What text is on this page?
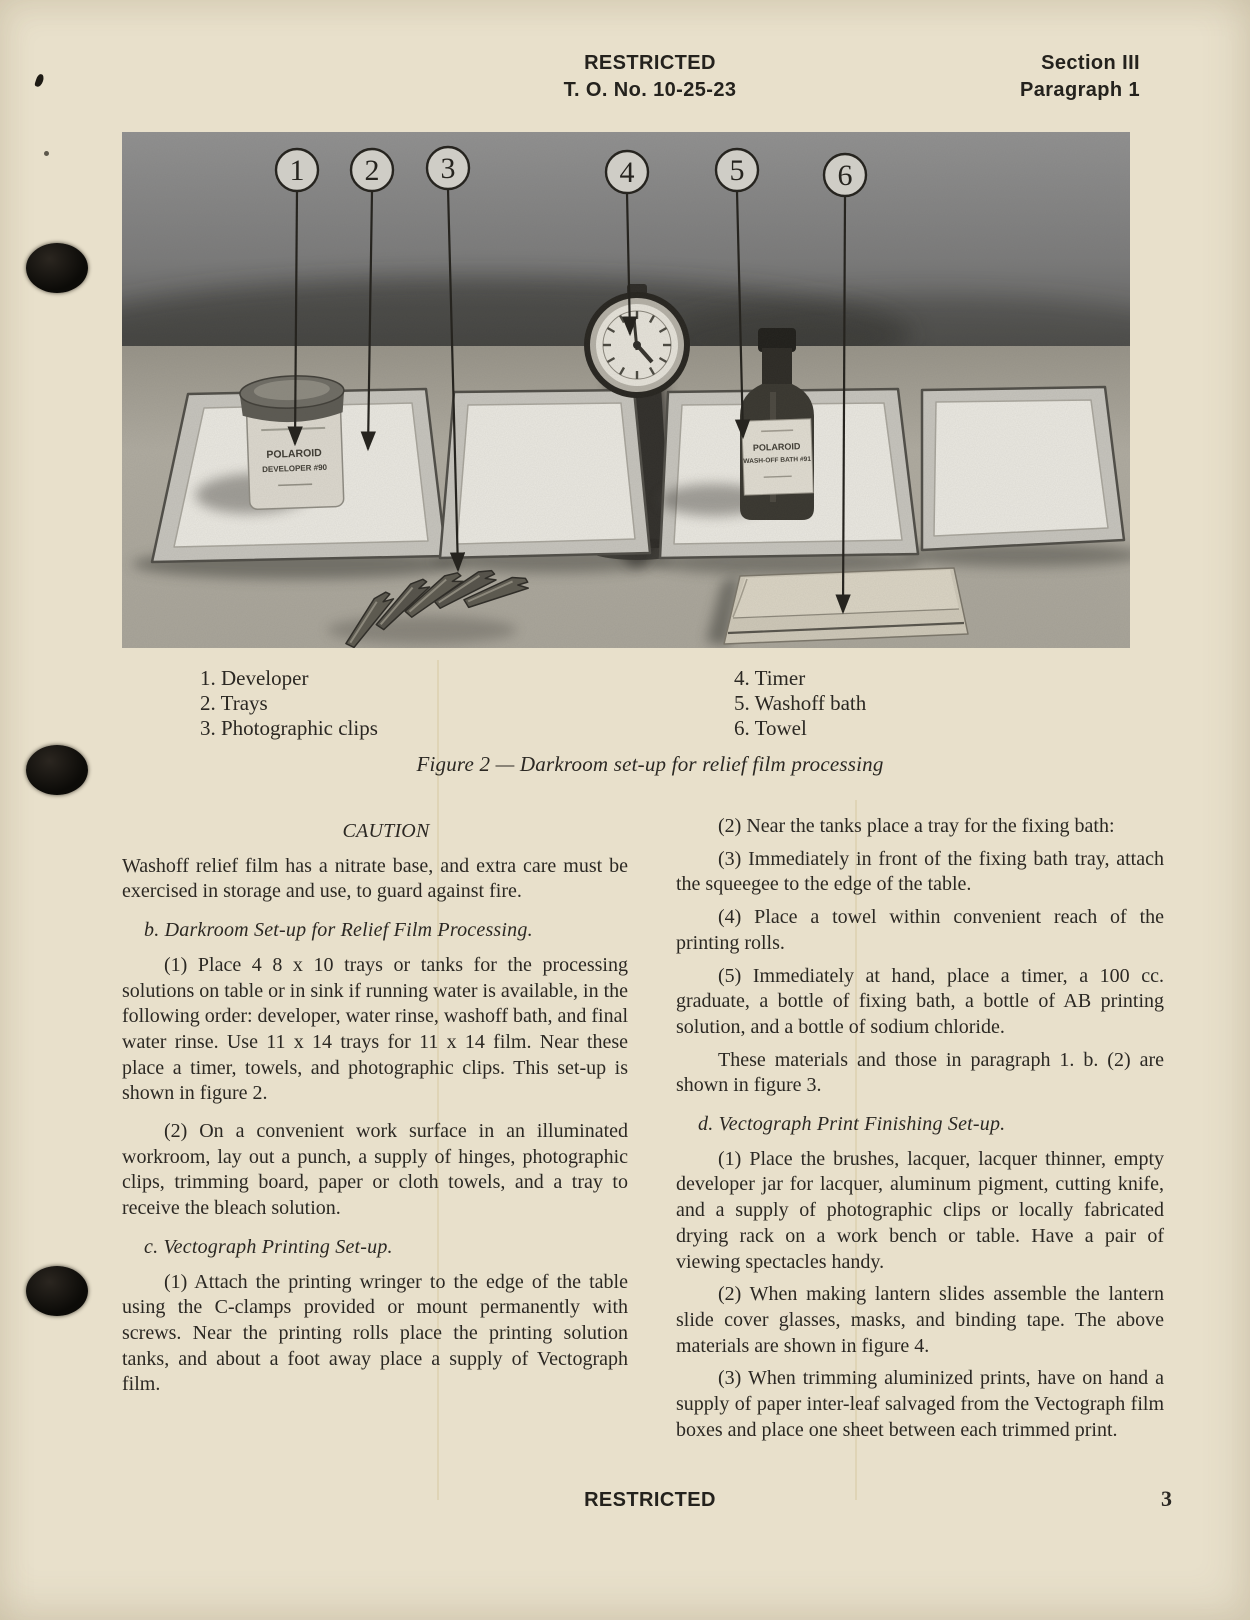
RESTRICTED
T. O. No. 10-25-23
Section III
Paragraph 1
POLAROID
DEVELOPER #90
POLAROID
WASH-OFF BATH #91
1 2 3	4	5	6
1. Developer
2. Trays
3. Photographic clips
4. Timer
5. Washoff bath
6. Towel
Figure 2 — Darkroom set-up for relief film processing
CAUTION

Washoff relief film has a nitrate base, and extra care must be exercised in storage and use, to guard against fire.

b. Darkroom Set-up for Relief Film Processing.

(1) Place 4 8 x 10 trays or tanks for the processing solutions on table or in sink if running water is available, in the following order: developer, water rinse, washoff bath, and final water rinse. Use 11 x 14 trays for 11 x 14 film. Near these place a timer, towels, and photographic clips. This set-up is shown in figure 2.

(2) On a convenient work surface in an illuminated workroom, lay out a punch, a supply of hinges, photographic clips, trimming board, paper or cloth towels, and a tray to receive the bleach solution.

c. Vectograph Printing Set-up.

(1) Attach the printing wringer to the edge of the table using the C-clamps provided or mount permanently with screws. Near the printing rolls place the printing solution tanks, and about a foot away place a supply of Vectograph film.

(2) Near the tanks place a tray for the fixing bath:

(3) Immediately in front of the fixing bath tray, attach the squeegee to the edge of the table.

(4) Place a towel within convenient reach of the printing rolls.

(5) Immediately at hand, place a timer, a 100 cc. graduate, a bottle of fixing bath, a bottle of AB printing solution, and a bottle of sodium chloride.

These materials and those in paragraph 1. b. (2) are shown in figure 3.

d. Vectograph Print Finishing Set-up.

(1) Place the brushes, lacquer, lacquer thinner, empty developer jar for lacquer, aluminum pigment, cutting knife, and a supply of photographic clips or locally fabricated drying rack on a work bench or table. Have a pair of viewing spectacles handy.

(2) When making lantern slides assemble the lantern slide cover glasses, masks, and binding tape. The above materials are shown in figure 4.

(3) When trimming aluminized prints, have on hand a supply of paper inter-leaf salvaged from the Vectograph film boxes and place one sheet between each trimmed print.

RESTRICTED	3
